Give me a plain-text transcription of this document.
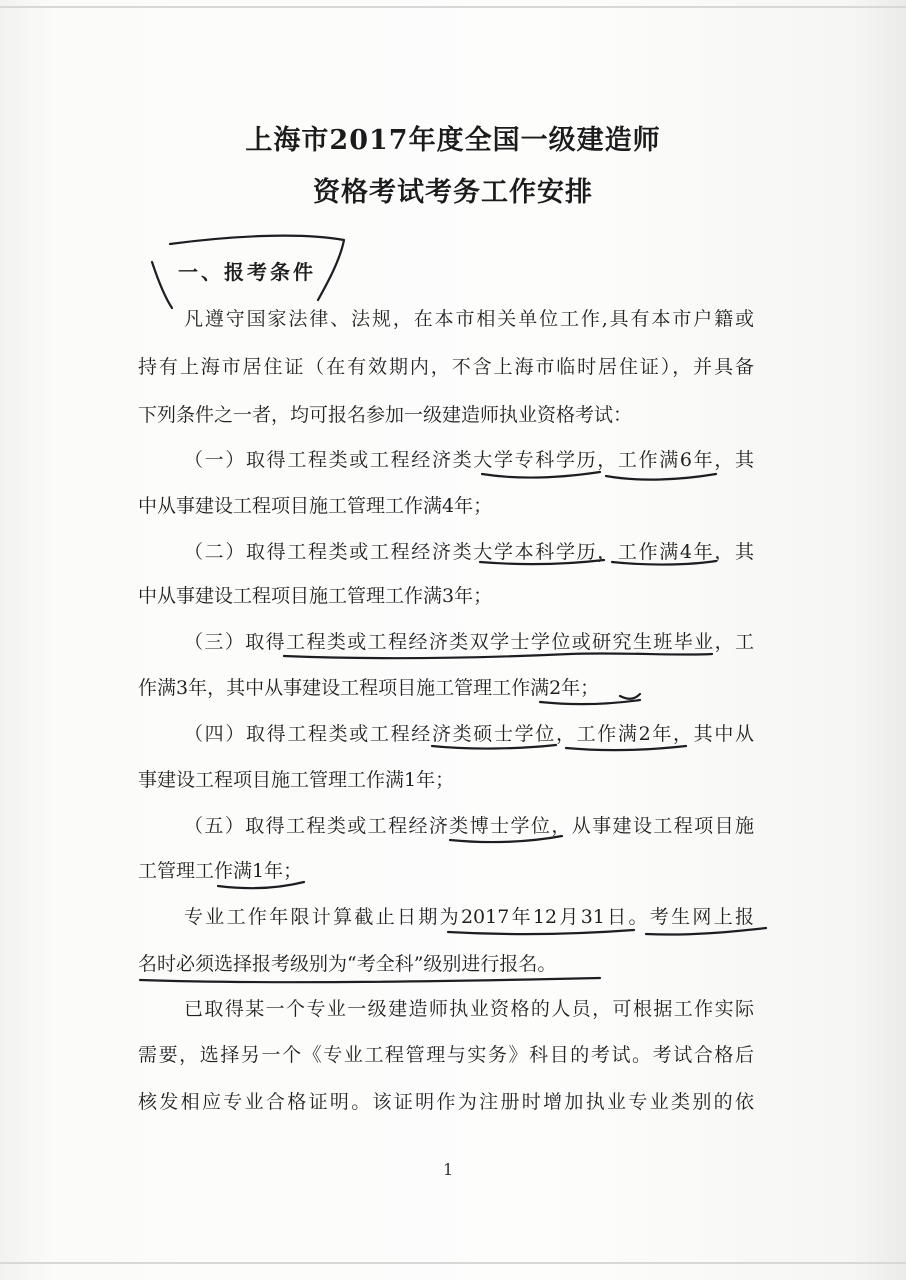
上海市2017年度全国一级建造师
资格考试考务工作安排
一、报考条件
凡遵守国家法律、法规，在本市相关单位工作,具有本市户籍或
持有上海市居住证（在有效期内，不含上海市临时居住证），并具备
下列条件之一者，均可报名参加一级建造师执业资格考试：
（一）取得工程类或工程经济类大学专科学历，工作满6年，其
中从事建设工程项目施工管理工作满4年；
（二）取得工程类或工程经济类大学本科学历，工作满4年，其
中从事建设工程项目施工管理工作满3年；
（三）取得工程类或工程经济类双学士学位或研究生班毕业，工
作满3年，其中从事建设工程项目施工管理工作满2年；
（四）取得工程类或工程经济类硕士学位，工作满2年，其中从
事建设工程项目施工管理工作满1年；
（五）取得工程类或工程经济类博士学位，从事建设工程项目施
工管理工作满1年；
专业工作年限计算截止日期为2017年12月31日。考生网上报
名时必须选择报考级别为“考全科”级别进行报名。
已取得某一个专业一级建造师执业资格的人员，可根据工作实际
需要，选择另一个《专业工程管理与实务》科目的考试。考试合格后
核发相应专业合格证明。该证明作为注册时增加执业专业类别的依
1
